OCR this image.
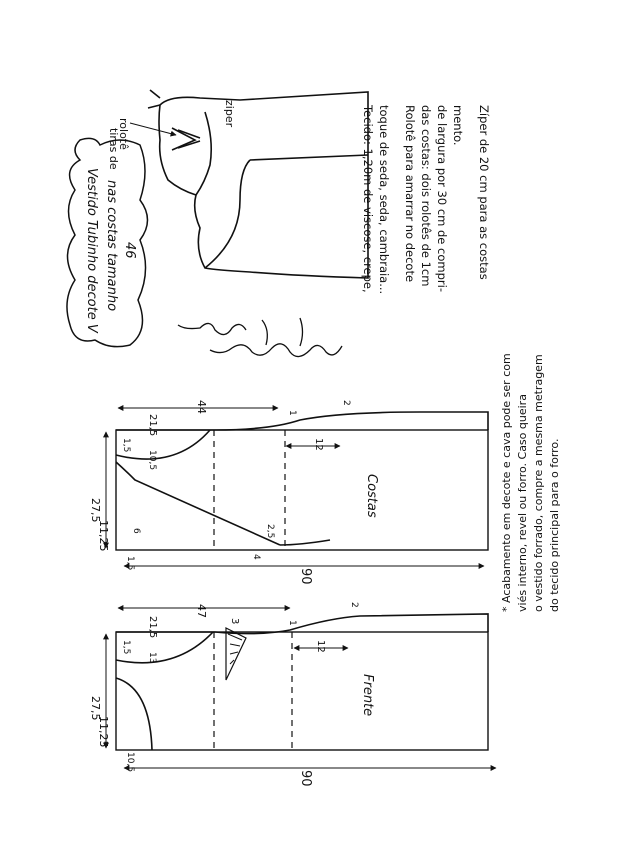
ziper
tiras de
rolotê
Vestido Tubinho decote V nas costas tamanho 46	Tecido: 1,20m de viscose, crepe, toque de seda, seda, cambraia... Rolotê para amarrar no decote das costas: dois rolotês de 1cm de largura por 30 cm de compri- mento. Zíper de 20 cm para as costas
Costas
44
27,5
11,25
21,5
10,5
1,5	12
6
1,5
2,5
4
2
1
90
Frente
47
27,5
11,25
21,5
13
1,5
10,5
3
12
1
2
90
* Acabamento em decote e cava pode ser com viés interno, revel ou forro. Caso queira o vestido forrado, compre a mesma metragem do tecido principal para o forro.
